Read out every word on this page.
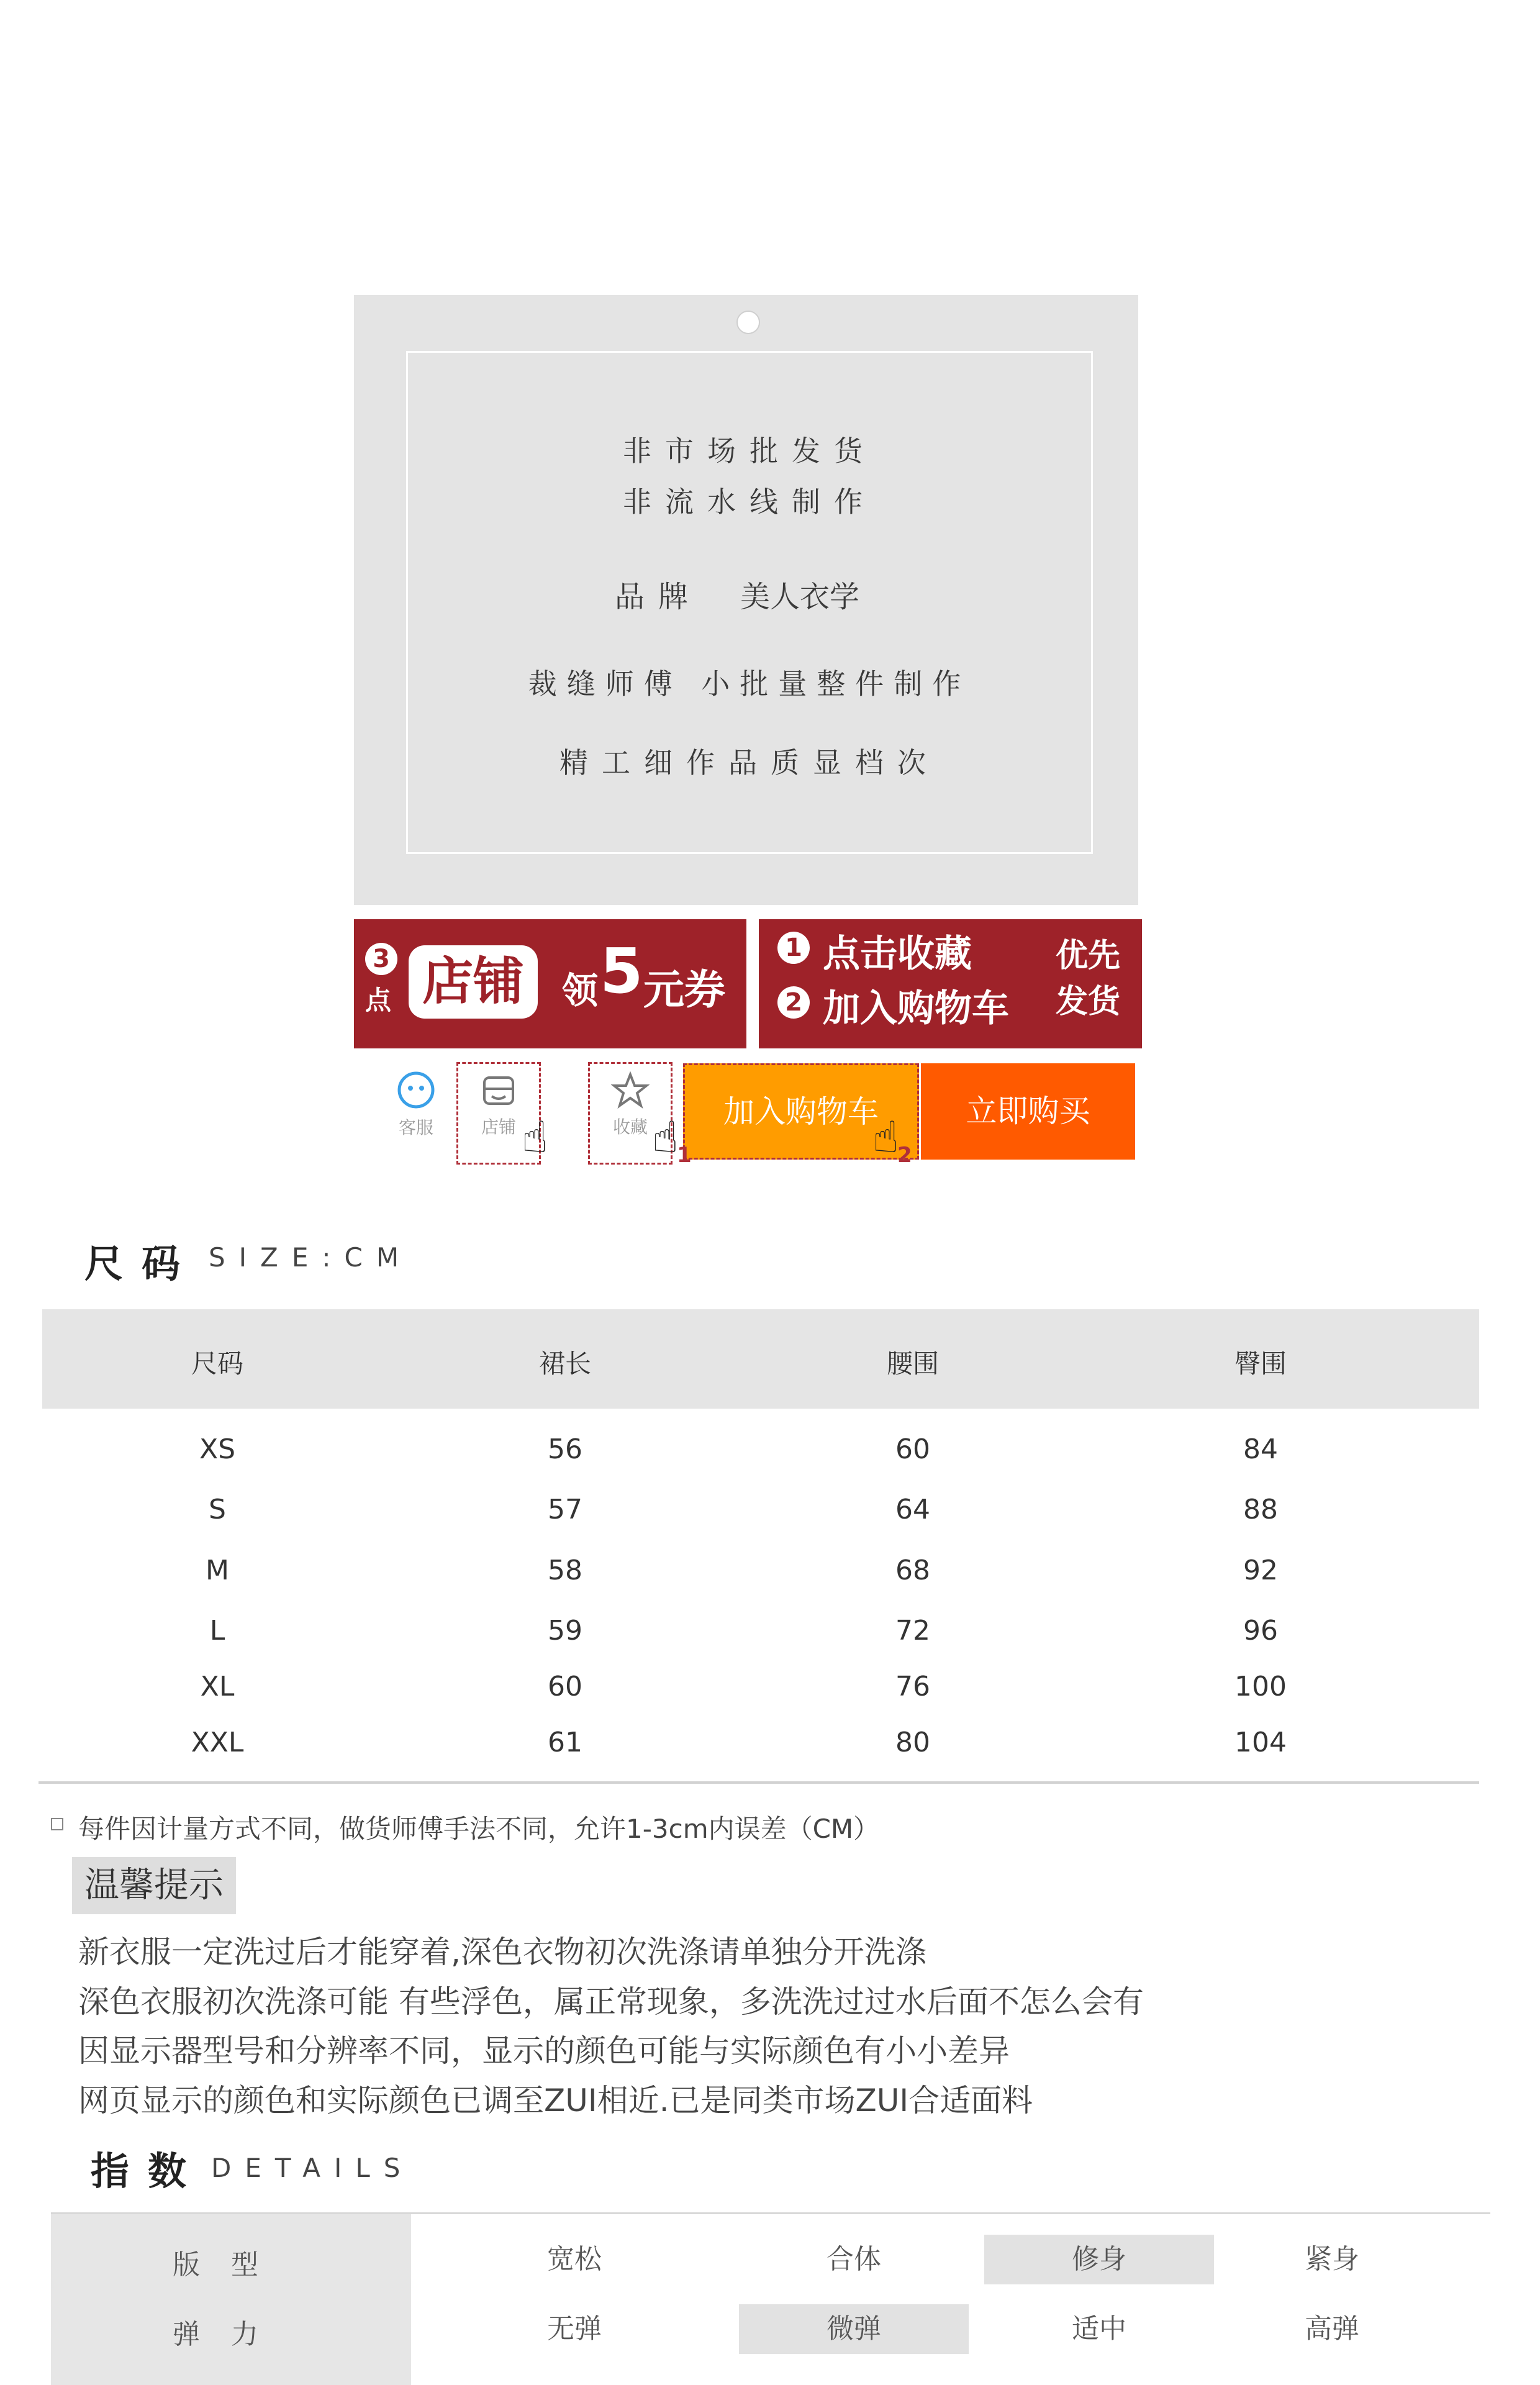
非市场批发货
非流水线制作
品牌 美人衣学
裁缝师傅 小批量整件制作
精工细作品质显档次
3
点 店铺	领 5 元券
1 点击收藏
2 加入购物车
优先
发货
客服	店铺	收藏	加入购物车	立即购买
☝ ☝
1	☝
2
尺码 SIZE:CM
尺码	裙长	腰围	臀围
XS	56	60	84
S	57	64	88
M	58	68	92
L	59	72	96
XL	60	76	100
XXL	61	80	104
每件因计量方式不同，做货师傅手法不同，允许1-3cm内误差（CM）
温馨提示
新衣服一定洗过后才能穿着,深色衣物初次洗涤请单独分开洗涤
深色衣服初次洗涤可能 有些浮色，属正常现象，多洗洗过过水后面不怎么会有
因显示器型号和分辨率不同，显示的颜色可能与实际颜色有小小差异
网页显示的颜色和实际颜色已调至ZUI相近.已是同类市场ZUI合适面料
指数 DETAILS
版型	宽松	合体	修身	紧身
弹力	无弹	微弹	适中	高弹
